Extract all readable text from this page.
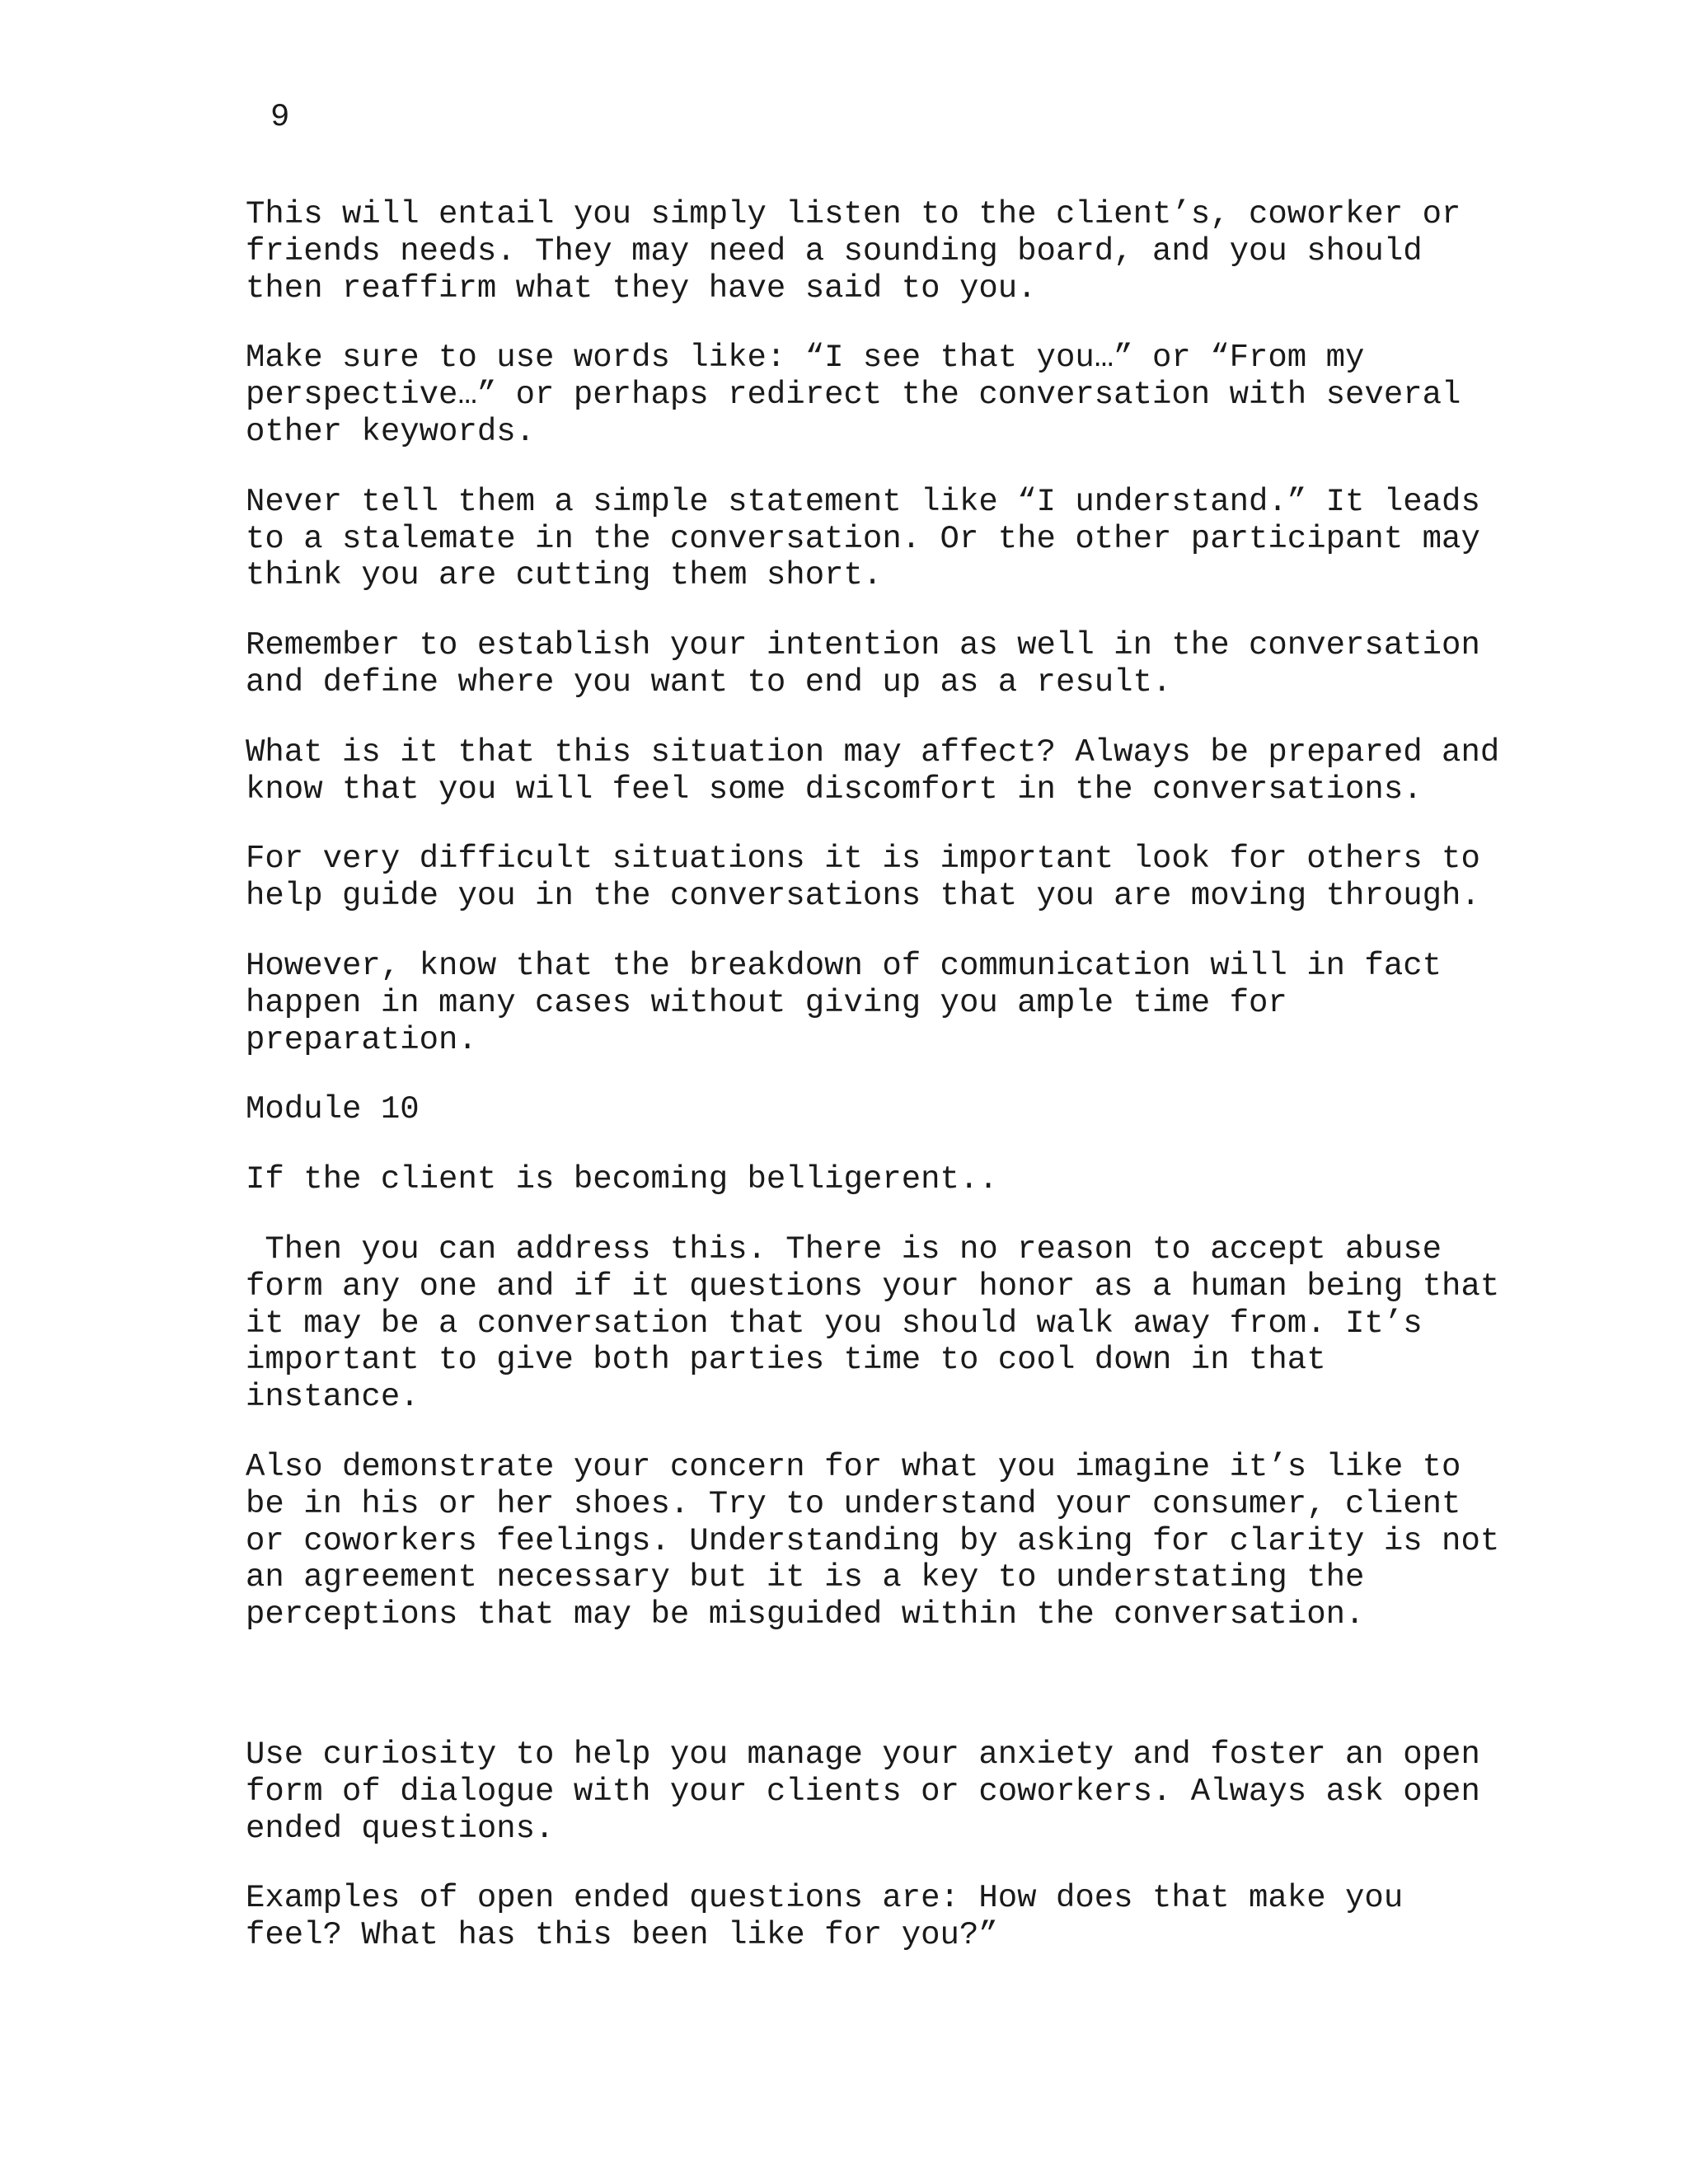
9

This will entail you simply listen to the client’s, coworker or
friends needs. They may need a sounding board, and you should
then reaffirm what they have said to you.

Make sure to use words like: “I see that you…” or “From my
perspective…” or perhaps redirect the conversation with several
other keywords.

Never tell them a simple statement like “I understand.” It leads
to a stalemate in the conversation. Or the other participant may
think you are cutting them short.

Remember to establish your intention as well in the conversation
and define where you want to end up as a result.

What is it that this situation may affect? Always be prepared and
know that you will feel some discomfort in the conversations.

For very difficult situations it is important look for others to
help guide you in the conversations that you are moving through.

However, know that the breakdown of communication will in fact
happen in many cases without giving you ample time for
preparation.

Module 10

If the client is becoming belligerent..

Then you can address this. There is no reason to accept abuse
form any one and if it questions your honor as a human being that
it may be a conversation that you should walk away from. It’s
important to give both parties time to cool down in that
instance.

Also demonstrate your concern for what you imagine it’s like to
be in his or her shoes. Try to understand your consumer, client
or coworkers feelings. Understanding by asking for clarity is not
an agreement necessary but it is a key to understating the
perceptions that may be misguided within the conversation.

Use curiosity to help you manage your anxiety and foster an open
form of dialogue with your clients or coworkers. Always ask open
ended questions.

Examples of open ended questions are: How does that make you
feel? What has this been like for you?”
